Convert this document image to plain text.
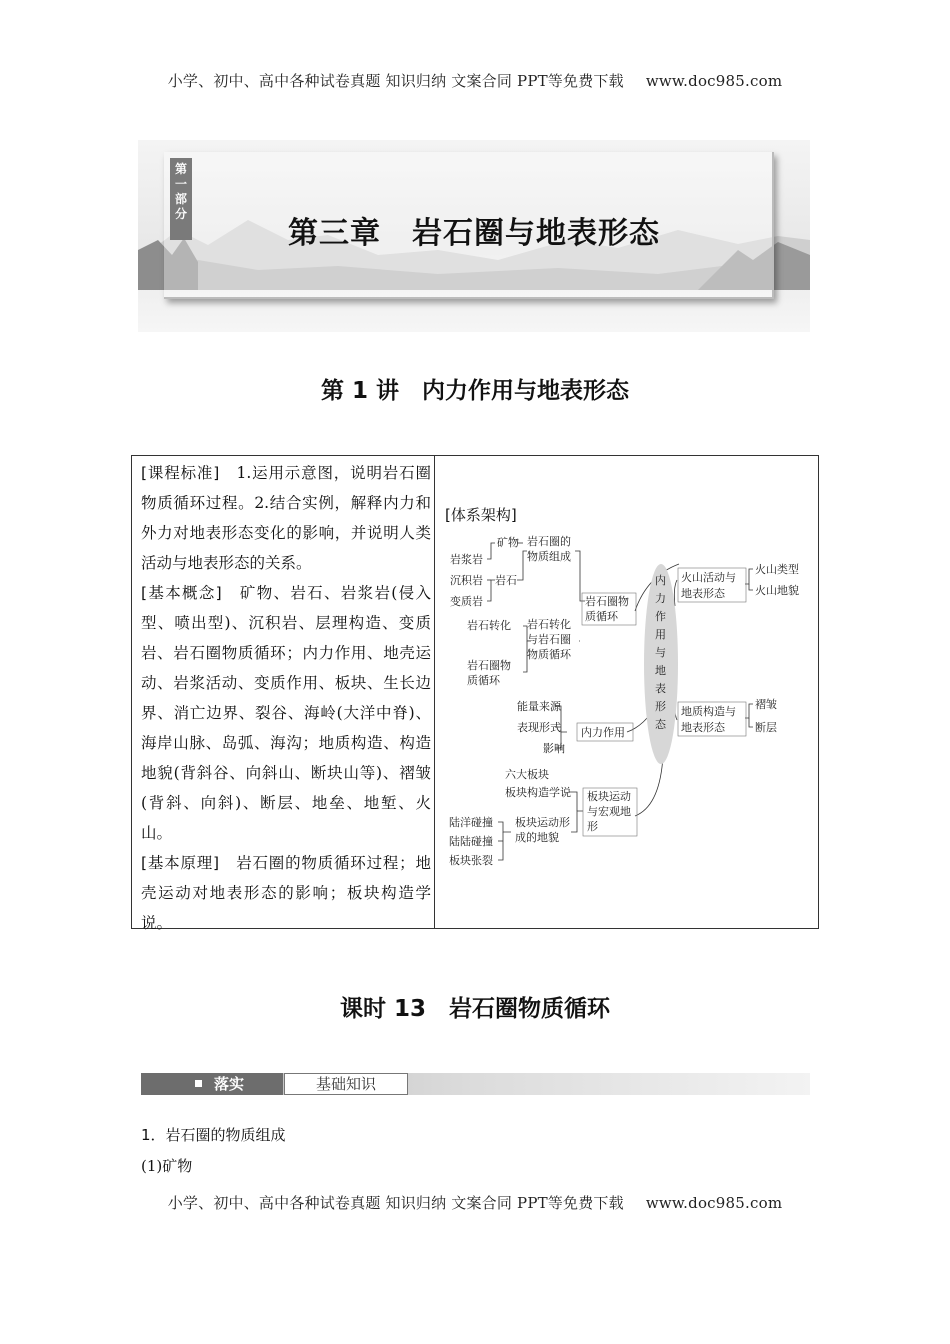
小学、初中、高中各种试卷真题 知识归纳 文案合同 PPT等免费下载 www.doc985.com
第
一
部
分
第三章　岩石圈与地表形态
第 1 讲　内力作用与地表形态
[课程标准]　1.运用示意图，说明岩石圈物质循环过程。2.结合实例，解释内力和外力对地表形态变化的影响，并说明人类活动与地表形态的关系。
[基本概念]　矿物、岩石、岩浆岩(侵入型、喷出型)、沉积岩、层理构造、变质岩、岩石圈物质循环；内力作用、地壳运动、岩浆活动、变质作用、板块、生长边界、消亡边界、裂谷、海岭(大洋中脊)、海岸山脉、岛弧、海沟；地质构造、构造地貌(背斜谷、向斜山、断块山等)、褶皱(背斜、向斜)、断层、地垒、地堑、火山。
[基本原理]　岩石圈的物质循环过程；地壳运动对地表形态的影响；板块构造学说。
[体系架构]
内
力
作
用
与
地
表
形
态
矿物
岩浆岩
沉积岩
变质岩
岩石
岩石圈的
物质组成
岩石圈物
质循环
岩石转化 岩石转化
与岩石圈
物质循环
岩石圈物
质循环
能量来源
表现形式
影响
内力作用
六大板块
板块构造学说
陆洋碰撞
陆陆碰撞
板块张裂
板块运动形
成的地貌
板块运动
与宏观地
形
火山活动与
地表形态
火山类型
火山地貌
地质构造与
地表形态
褶皱
断层
课时 13　岩石圈物质循环
落实	基础知识
1．岩石圈的物质组成
(1)矿物
小学、初中、高中各种试卷真题 知识归纳 文案合同 PPT等免费下载 www.doc985.com
